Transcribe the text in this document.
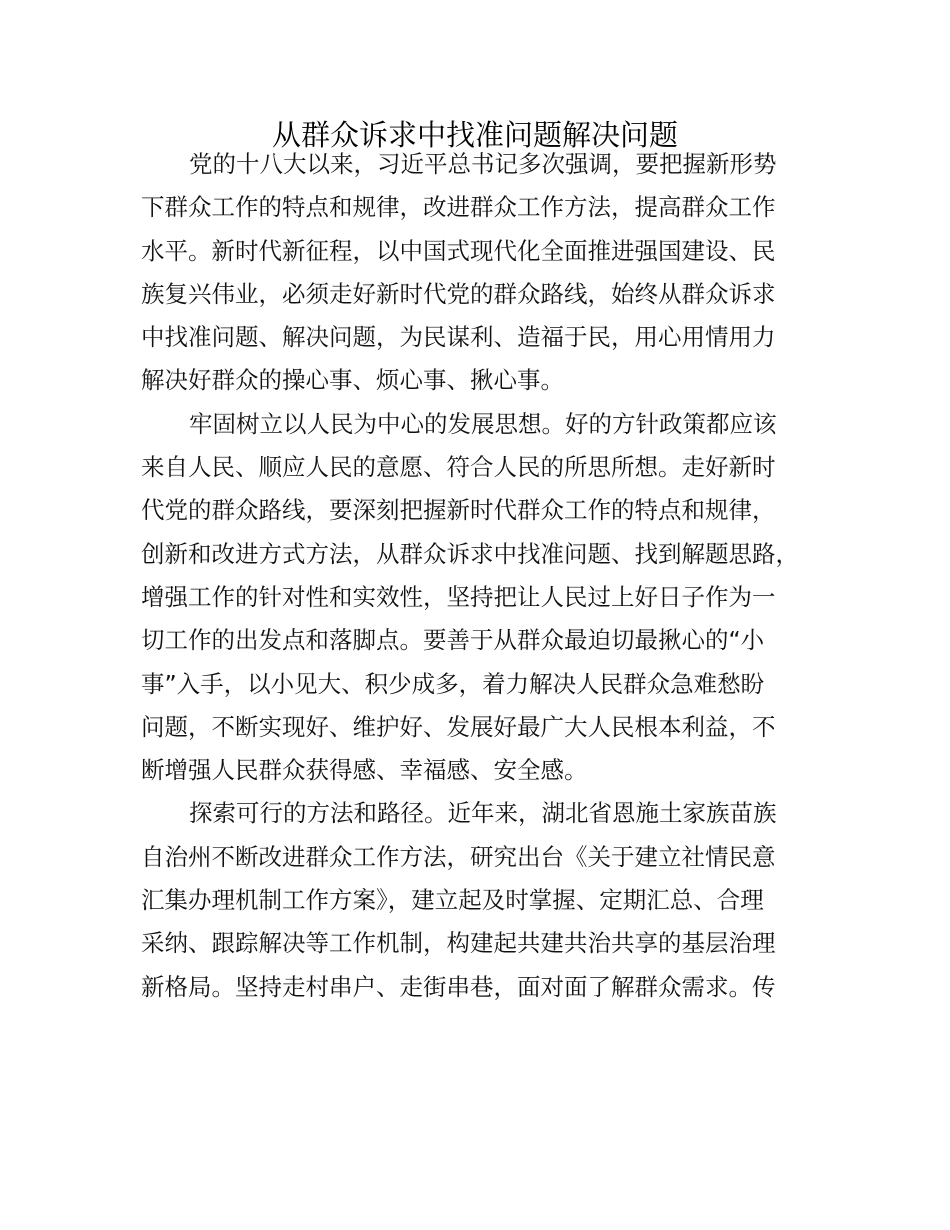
从群众诉求中找准问题解决问题
党的十八大以来，习近平总书记多次强调，要把握新形势
下群众工作的特点和规律，改进群众工作方法，提高群众工作
水平。新时代新征程，以中国式现代化全面推进强国建设、民
族复兴伟业，必须走好新时代党的群众路线，始终从群众诉求
中找准问题、解决问题，为民谋利、造福于民，用心用情用力
解决好群众的操心事、烦心事、揪心事。
牢固树立以人民为中心的发展思想。好的方针政策都应该
来自人民、顺应人民的意愿、符合人民的所思所想。走好新时
代党的群众路线，要深刻把握新时代群众工作的特点和规律，
创新和改进方式方法，从群众诉求中找准问题、找到解题思路，
增强工作的针对性和实效性，坚持把让人民过上好日子作为一
切工作的出发点和落脚点。要善于从群众最迫切最揪心的“小
事”入手，以小见大、积少成多，着力解决人民群众急难愁盼
问题，不断实现好、维护好、发展好最广大人民根本利益，不
断增强人民群众获得感、幸福感、安全感。
探索可行的方法和路径。近年来，湖北省恩施土家族苗族
自治州不断改进群众工作方法，研究出台《关于建立社情民意
汇集办理机制工作方案》，建立起及时掌握、定期汇总、合理
采纳、跟踪解决等工作机制，构建起共建共治共享的基层治理
新格局。坚持走村串户、走街串巷，面对面了解群众需求。传
